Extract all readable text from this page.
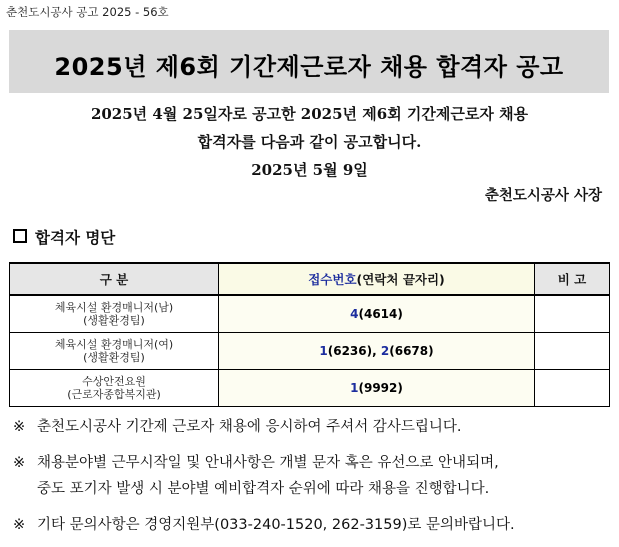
춘천도시공사 공고 2025 - 56호
2025년 제6회 기간제근로자 채용 합격자 공고
2025년 4월 25일자로 공고한 2025년 제6회 기간제근로자 채용
합격자를 다음과 같이 공고합니다.
2025년 5월 9일
춘천도시공사 사장
합격자 명단
구 분	접수번호(연락처 끝자리)	비 고

체육시설 환경매니저(남)
(생활환경팀)	4(4614)	

체육시설 환경매니저(여)
(생활환경팀)	1(6236), 2(6678)	

수상안전요원
(근로자종합복지관)	1(9992)	
※ 춘천도시공사 기간제 근로자 채용에 응시하여 주셔서 감사드립니다.
※ 채용분야별 근무시작일 및 안내사항은 개별 문자 혹은 유선으로 안내되며,
중도 포기자 발생 시 분야별 예비합격자 순위에 따라 채용을 진행합니다.
※ 기타 문의사항은 경영지원부(033-240-1520, 262-3159)로 문의바랍니다.
